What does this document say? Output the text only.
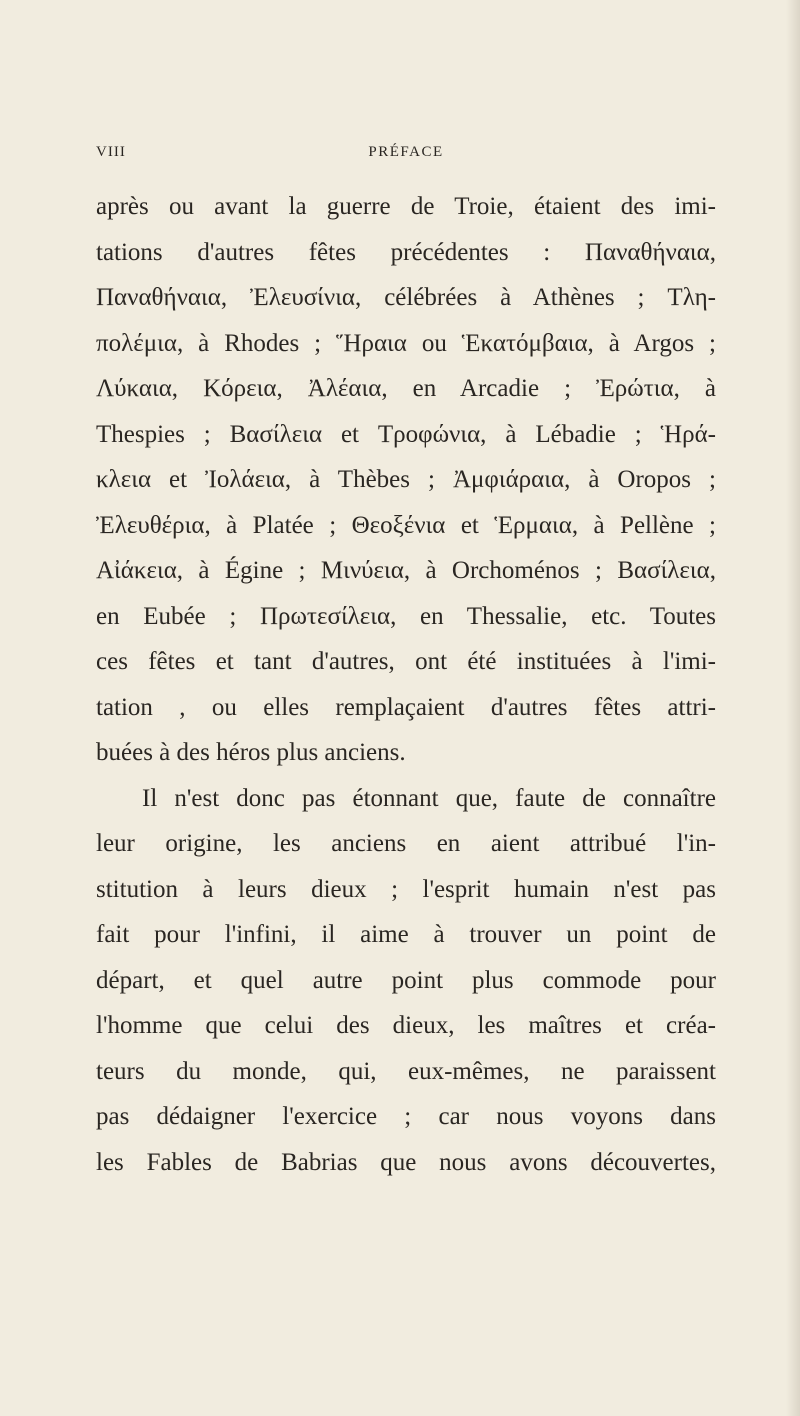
VIII	PRÉFACE
après ou avant la guerre de Troie, étaient des imi-
tations d'autres fêtes précédentes : Παναθήναια,
Παναθήναια, Ἐλευσίνια, célébrées à Athènes ; Τλη-
πολέμια, à Rhodes ; Ἥραια ou Ἑκατόμβαια, à Argos ;
Λύκαια, Κόρεια, Ἀλέαια, en Arcadie ; Ἐρώτια, à
Thespies ; Βασίλεια et Τροφώνια, à Lébadie ; Ἡρά-
κλεια et Ἰολάεια, à Thèbes ; Ἀμφιάραια, à Oropos ;
Ἐλευθέρια, à Platée ; Θεοξένια et Ἑρμαια, à Pellène ;
Αἰάκεια, à Égine ; Μινύεια, à Orchoménos ; Βασίλεια,
en Eubée ; Πρωτεσίλεια, en Thessalie, etc. Toutes
ces fêtes et tant d'autres, ont été instituées à l'imi-
tation , ou elles remplaçaient d'autres fêtes attri-
buées à des héros plus anciens.
Il n'est donc pas étonnant que, faute de connaître
leur origine, les anciens en aient attribué l'in-
stitution à leurs dieux ; l'esprit humain n'est pas
fait pour l'infini, il aime à trouver un point de
départ, et quel autre point plus commode pour
l'homme que celui des dieux, les maîtres et créa-
teurs du monde, qui, eux-mêmes, ne paraissent
pas dédaigner l'exercice ; car nous voyons dans
les Fables de Babrias que nous avons découvertes,
